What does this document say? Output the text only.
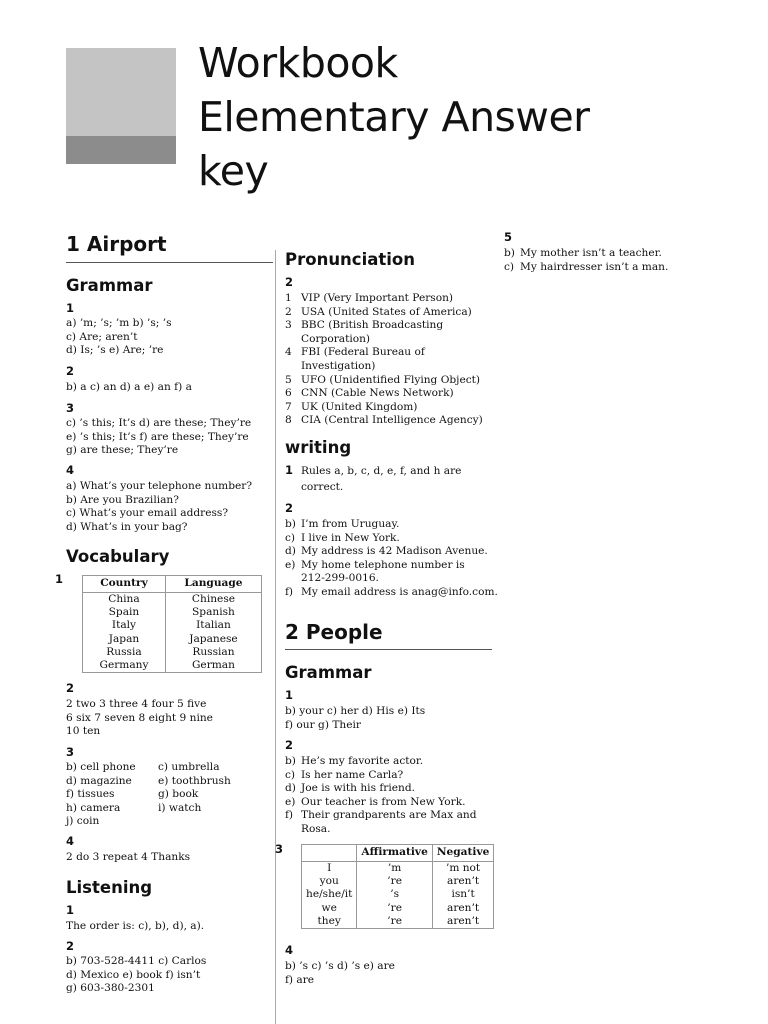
Workbook
Elementary Answer
key
1 Airport
Grammar
1
a) ’m; ’s; ’m b) ’s; ’s
c) Are; aren’t
d) Is; ’s e) Are; ’re
2
b) a c) an d) a e) an f) a
3
c) ’s this; It’s d) are these; They’re
e) ’s this; It’s f) are these; They’re
g) are these; They’re
4
a) What’s your telephone number?
b) Are you Brazilian?
c) What’s your email address?
d) What’s in your bag?
Vocabulary
1	Country	Language
China	Chinese
Spain	Spanish
Italy	Italian
Japan	Japanese
Russia	Russian
Germany	German
2
2 two 3 three 4 four 5 five
6 six 7 seven 8 eight 9 nine
10 ten
3
b) cell phone c) umbrella
d) magazine e) toothbrush
f) tissues	g) book
h) camera	i) watch
j) coin
4
2 do 3 repeat 4 Thanks
Listening
1
The order is: c), b), d), a).
2
b) 703-528-4411 c) Carlos
d) Mexico e) book f) isn’t
g) 603-380-2301
Pronunciation
2
1 VIP (Very Important Person)
2 USA (United States of America)
3 BBC (British Broadcasting
Corporation)
4 FBI (Federal Bureau of
Investigation)
5 UFO (Unidentified Flying Object)
6 CNN (Cable News Network)
7 UK (United Kingdom)
8 CIA (Central Intelligence Agency)
writing
1 Rules a, b, c, d, e, f, and h are
correct.
2
b) I’m from Uruguay.
c) I live in New York.
d) My address is 42 Madison Avenue.
e) My home telephone number is
212-299-0016.
f) My email address is anag@info.com.
2 People
Grammar
1
b) your c) her d) His e) Its
f) our g) Their
2
b) He’s my favorite actor.
c) Is her name Carla?
d) Joe is with his friend.
e) Our teacher is from New York.
f) Their grandparents are Max and
Rosa.
3
		Affirmative	Negative
I	’m	’m not
you	’re	aren’t
he/she/it	’s	isn’t
we	’re	aren’t
they	’re	aren’t
4
b) ’s c) ’s d) ’s e) are
f) are
5
b) My mother isn’t a teacher.
c) My hairdresser isn’t a man.
